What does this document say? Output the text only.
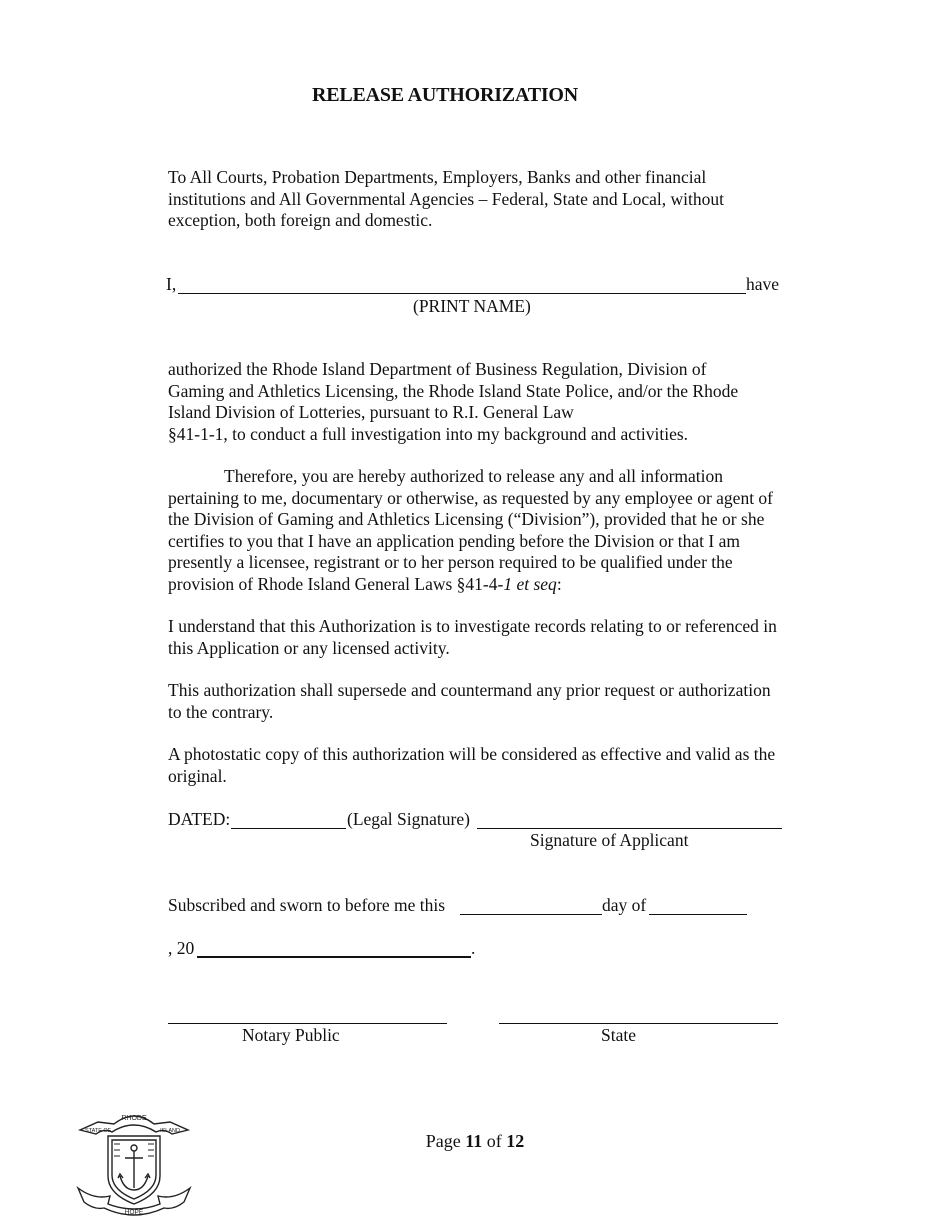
RELEASE AUTHORIZATION
To All Courts, Probation Departments, Employers, Banks and other financial institutions and All Governmental Agencies – Federal, State and Local, without exception, both foreign and domestic.
I,	have
(PRINT NAME)
authorized the Rhode Island Department of Business Regulation, Division of
Gaming and Athletics Licensing, the Rhode Island State Police, and/or the Rhode
Island Division of Lotteries, pursuant to R.I. General Law
§41-1-1, to conduct a full investigation into my background and activities.
Therefore, you are hereby authorized to release any and all information pertaining to me, documentary or otherwise, as requested by any employee or agent of the Division of Gaming and Athletics Licensing (“Division”), provided that he or she certifies to you that I have an application pending before the Division or that I am presently a licensee, registrant or to her person required to be qualified under the provision of Rhode Island General Laws §41-4-1 et seq:
I understand that this Authorization is to investigate records relating to or referenced in this Application or any licensed activity.
This authorization shall supersede and countermand any prior request or authorization to the contrary.
A photostatic copy of this authorization will be considered as effective and valid as the original.
DATED:	(Legal Signature)
Signature of Applicant
Subscribed and sworn to before me this	day of
, 20	.
Notary Public	State
RHODE
STATE OF	ISLAND
HOPE
Page 11 of 12
